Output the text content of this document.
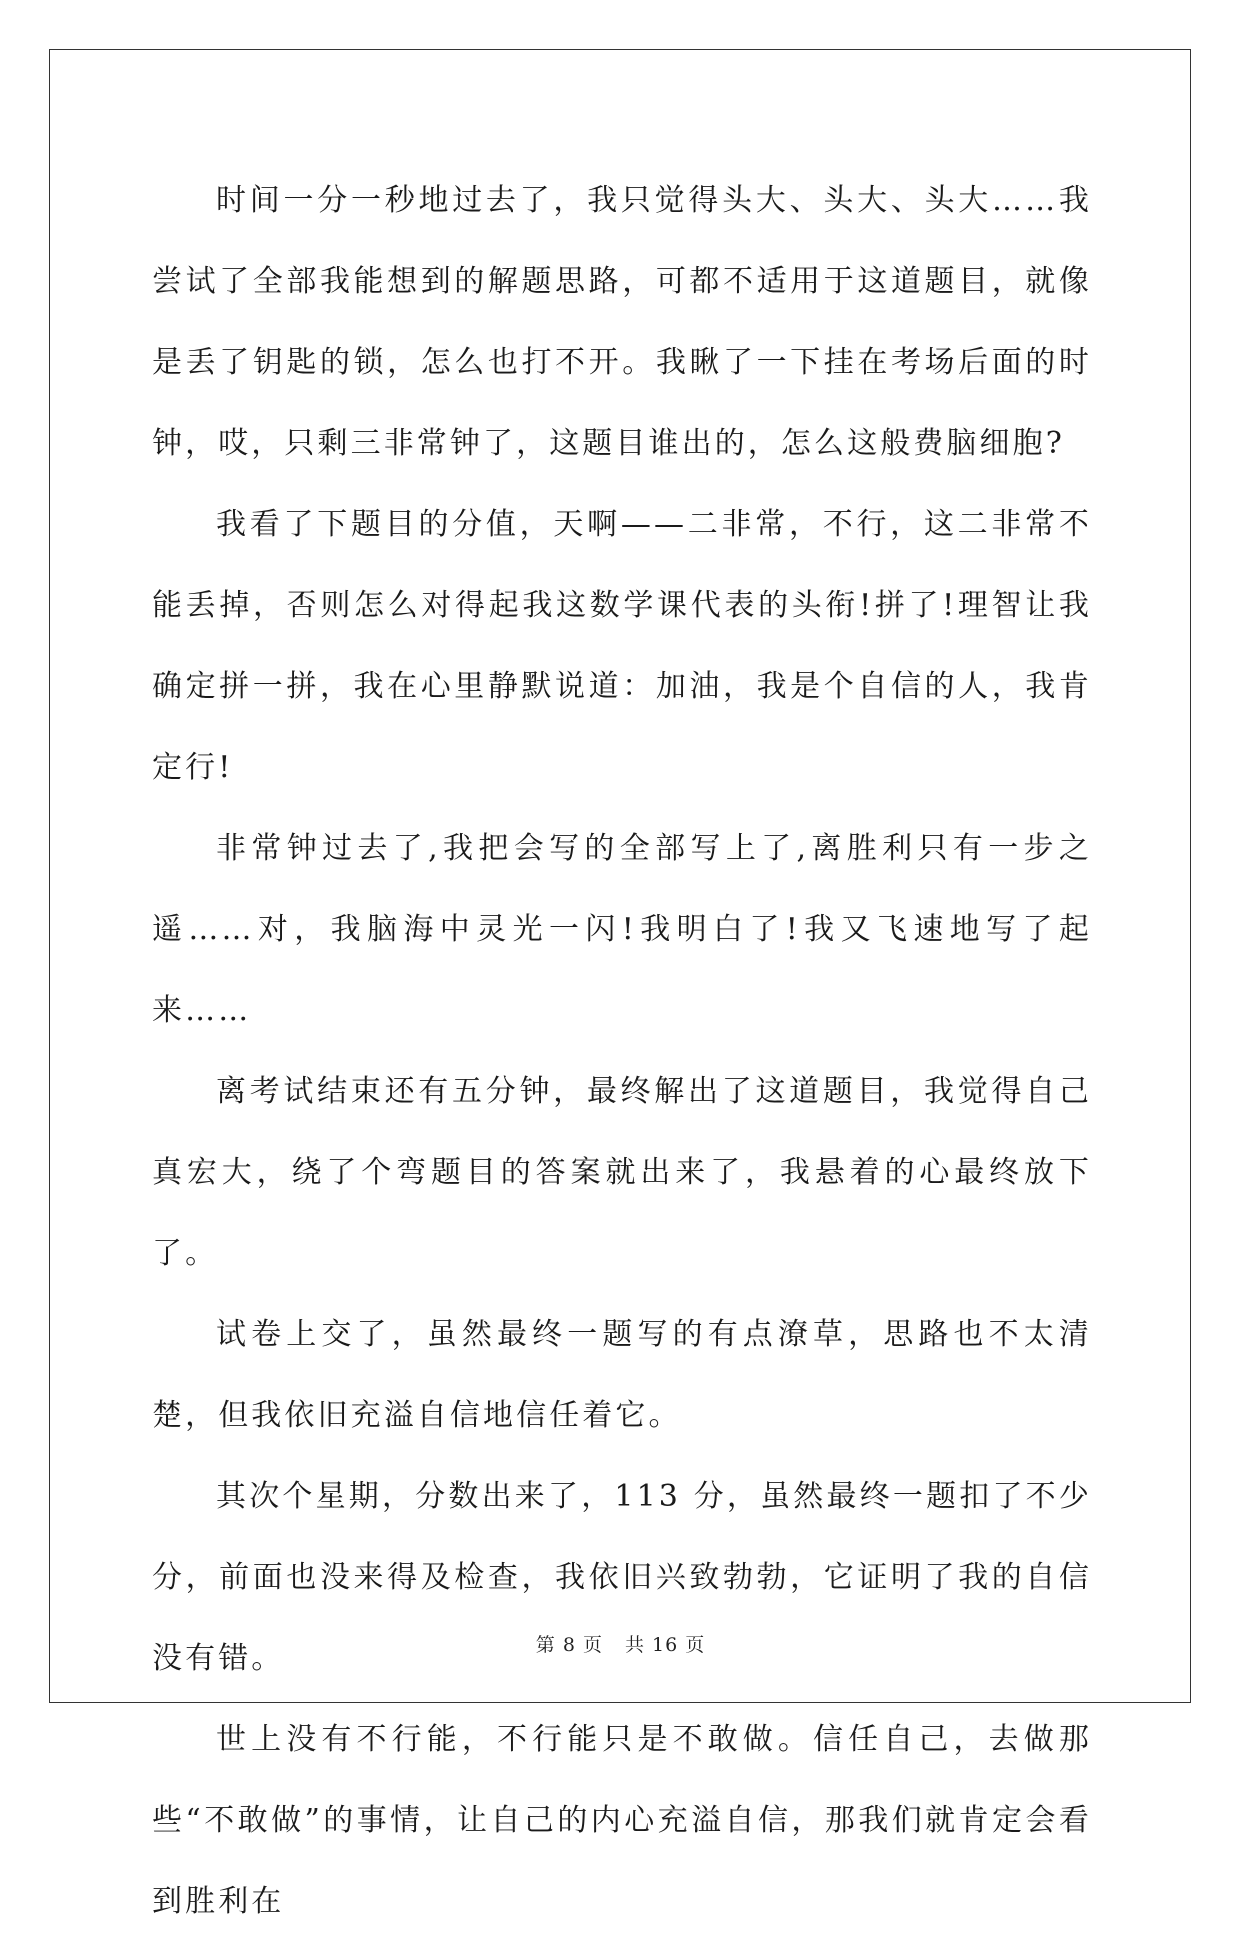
时间一分一秒地过去了，我只觉得头大、头大、头大……我尝试了全部我能想到的解题思路，可都不适用于这道题目，就像是丢了钥匙的锁，怎么也打不开。我瞅了一下挂在考场后面的时钟，哎，只剩三非常钟了，这题目谁出的，怎么这般费脑细胞?

我看了下题目的分值，天啊——二非常，不行，这二非常不能丢掉，否则怎么对得起我这数学课代表的头衔!拼了!理智让我确定拼一拼，我在心里静默说道：加油，我是个自信的人，我肯定行!

非常钟过去了,我把会写的全部写上了,离胜利只有一步之遥……对，我脑海中灵光一闪!我明白了!我又飞速地写了起来……

离考试结束还有五分钟，最终解出了这道题目，我觉得自己真宏大，绕了个弯题目的答案就出来了，我悬着的心最终放下了。

试卷上交了，虽然最终一题写的有点潦草，思路也不太清楚，但我依旧充溢自信地信任着它。

其次个星期，分数出来了，113 分，虽然最终一题扣了不少分，前面也没来得及检查，我依旧兴致勃勃，它证明了我的自信没有错。

世上没有不行能，不行能只是不敢做。信任自己，去做那些“不敢做”的事情，让自己的内心充溢自信，那我们就肯定会看到胜利在

第 8 页 共 16 页
